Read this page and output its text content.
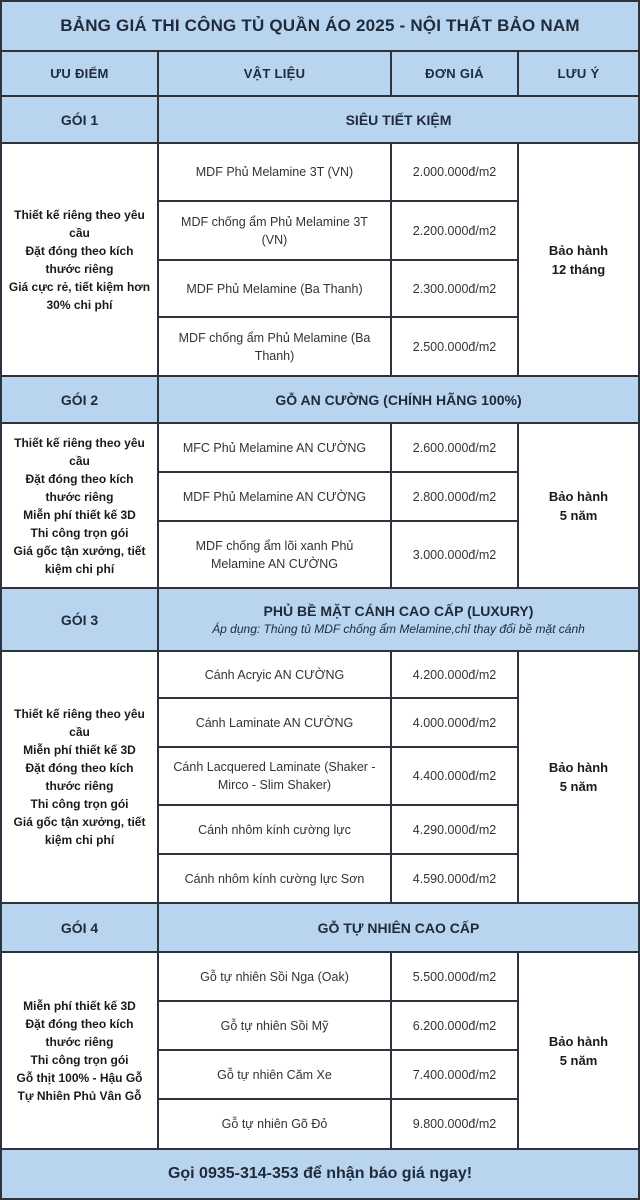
BẢNG GIÁ THI CÔNG TỦ QUẦN ÁO 2025 - NỘI THẤT BẢO NAM
ƯU ĐIỂM	VẬT LIỆU	ĐƠN GIÁ	LƯU Ý
GÓI 1	SIÊU TIẾT KIỆM
Thiết kế riêng theo yêu cầu
Đặt đóng theo kích thước riêng
Giá cực rẻ, tiết kiệm hơn 30% chi phí
Bảo hành
12 tháng
MDF Phủ Melamine 3T (VN)	2.000.000đ/m2
MDF chống ẩm Phủ Melamine 3T (VN)
2.200.000đ/m2
MDF Phủ Melamine (Ba Thanh)	2.300.000đ/m2
MDF chống ẩm Phủ Melamine (Ba Thanh)
2.500.000đ/m2
GÓI 2	GỖ AN CƯỜNG (CHÍNH HÃNG 100%)
Thiết kế riêng theo yêu cầu
Đặt đóng theo kích thước riêng
Miễn phí thiết kế 3D
Thi công trọn gói
Giá gốc tận xưởng, tiết kiệm chi phí
Bảo hành
5 năm
MFC Phủ Melamine AN CƯỜNG	2.600.000đ/m2
MDF Phủ Melamine AN CƯỜNG	2.800.000đ/m2
MDF chống ẩm lõi xanh Phủ Melamine AN CƯỜNG
3.000.000đ/m2
GÓI 3
PHỦ BỀ MẶT CÁNH CAO CẤP (LUXURY)
Áp dụng: Thùng tủ MDF chống ẩm Melamine,chỉ thay đổi bề mặt cánh
Thiết kế riêng theo yêu cầu
Miễn phí thiết kế 3D
Đặt đóng theo kích thước riêng
Thi công trọn gói
Giá gốc tận xưởng, tiết kiệm chi phí
Bảo hành
5 năm
Cánh Acryic AN CƯỜNG	4.200.000đ/m2
Cánh Laminate AN CƯỜNG	4.000.000đ/m2
Cánh Lacquered Laminate (Shaker - Mirco - Slim Shaker)
4.400.000đ/m2
Cánh nhôm kính cường lực	4.290.000đ/m2
Cánh nhôm kính cường lực Sơn	4.590.000đ/m2
GÓI 4	GỖ TỰ NHIÊN CAO CẤP
Miễn phí thiết kế 3D
Đặt đóng theo kích thước riêng
Thi công trọn gói
Gỗ thịt 100% - Hậu Gỗ Tự Nhiên Phủ Vân Gỗ
Bảo hành
5 năm
Gỗ tự nhiên Sồi Nga (Oak)	5.500.000đ/m2
Gỗ tự nhiên Sồi Mỹ	6.200.000đ/m2
Gỗ tự nhiên Căm Xe	7.400.000đ/m2
Gỗ tự nhiên Gõ Đỏ	9.800.000đ/m2
Gọi 0935-314-353 để nhận báo giá ngay!
